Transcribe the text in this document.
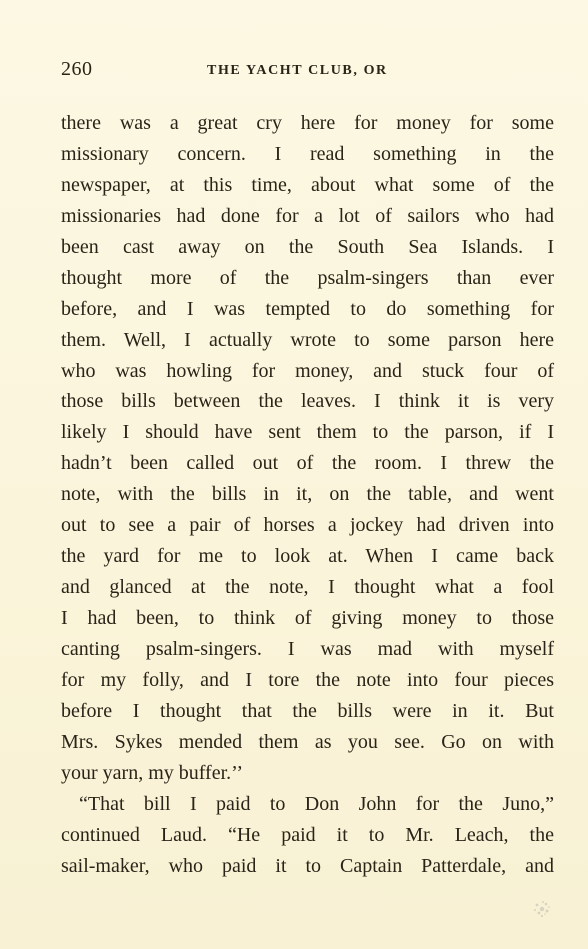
260	THE YACHT CLUB, OR
there was a great cry here for money for some
missionary concern. I read something in the
newspaper, at this time, about what some of the
missionaries had done for a lot of sailors who had
been cast away on the South Sea Islands. I
thought more of the psalm-singers than ever
before, and I was tempted to do something for
them. Well, I actually wrote to some parson here
who was howling for money, and stuck four of
those bills between the leaves. I think it is very
likely I should have sent them to the parson, if I
hadn’t been called out of the room. I threw the
note, with the bills in it, on the table, and went
out to see a pair of horses a jockey had driven into
the yard for me to look at. When I came back
and glanced at the note, I thought what a fool
I had been, to think of giving money to those
canting psalm-singers. I was mad with myself
for my folly, and I tore the note into four pieces
before I thought that the bills were in it. But
Mrs. Sykes mended them as you see. Go on with
your yarn, my buffer.’’
“That bill I paid to Don John for the Juno,”
continued Laud. “He paid it to Mr. Leach, the
sail-maker, who paid it to Captain Patterdale, and
